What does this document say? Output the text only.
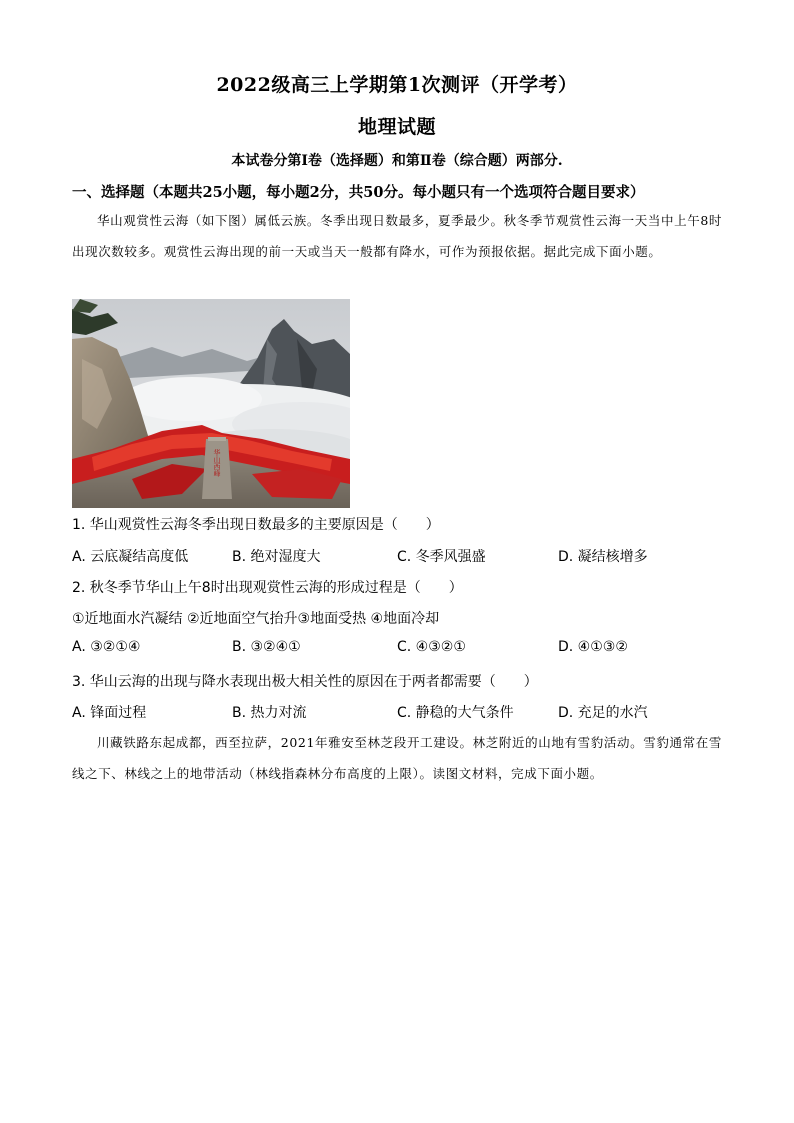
2022级高三上学期第1次测评（开学考）
地理试题
本试卷分第Ⅰ卷（选择题）和第Ⅱ卷（综合题）两部分.
一、选择题（本题共25小题，每小题2分，共50分。每小题只有一个选项符合题目要求）
华山观赏性云海（如下图）属低云族。冬季出现日数最多，夏季最少。秋冬季节观赏性云海一天当中上午8时出现次数较多。观赏性云海出现的前一天或当天一般都有降水，可作为预报依据。据此完成下面小题。
华山西峰
1. 华山观赏性云海冬季出现日数最多的主要原因是（　　）
A. 云底凝结高度低	B. 绝对湿度大	C. 冬季风强盛	D. 凝结核增多
2. 秋冬季节华山上午8时出现观赏性云海的形成过程是（　　）
①近地面水汽凝结 ②近地面空气抬升③地面受热 ④地面冷却
A. ③②①④	B. ③②④①	C. ④③②①	D. ④①③②
3. 华山云海的出现与降水表现出极大相关性的原因在于两者都需要（　　）
A. 锋面过程	B. 热力对流	C. 静稳的大气条件	D. 充足的水汽
川藏铁路东起成都，西至拉萨，2021年雅安至林芝段开工建设。林芝附近的山地有雪豹活动。雪豹通常在雪线之下、林线之上的地带活动（林线指森林分布高度的上限）。读图文材料，完成下面小题。
